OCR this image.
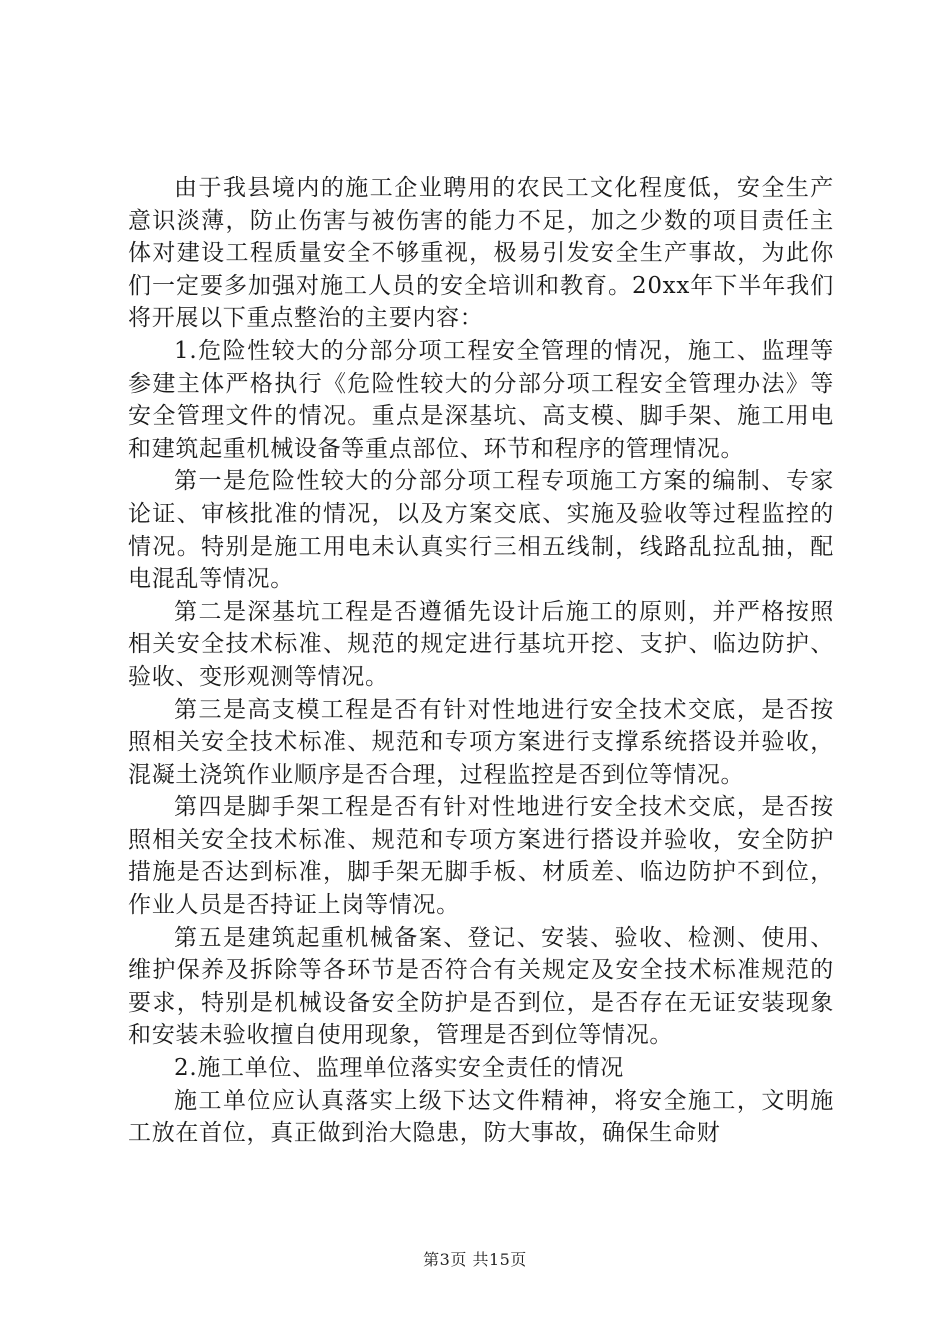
由于我县境内的施工企业聘用的农民工文化程度低，安全生产意识淡薄，防止伤害与被伤害的能力不足，加之少数的项目责任主体对建设工程质量安全不够重视，极易引发安全生产事故，为此你们一定要多加强对施工人员的安全培训和教育。20xx年下半年我们将开展以下重点整治的主要内容：

1.危险性较大的分部分项工程安全管理的情况，施工、监理等参建主体严格执行《危险性较大的分部分项工程安全管理办法》等安全管理文件的情况。重点是深基坑、高支模、脚手架、施工用电和建筑起重机械设备等重点部位、环节和程序的管理情况。

第一是危险性较大的分部分项工程专项施工方案的编制、专家论证、审核批准的情况，以及方案交底、实施及验收等过程监控的情况。特别是施工用电未认真实行三相五线制，线路乱拉乱抽，配电混乱等情况。

第二是深基坑工程是否遵循先设计后施工的原则，并严格按照相关安全技术标准、规范的规定进行基坑开挖、支护、临边防护、验收、变形观测等情况。

第三是高支模工程是否有针对性地进行安全技术交底，是否按照相关安全技术标准、规范和专项方案进行支撑系统搭设并验收，混凝土浇筑作业顺序是否合理，过程监控是否到位等情况。

第四是脚手架工程是否有针对性地进行安全技术交底，是否按照相关安全技术标准、规范和专项方案进行搭设并验收，安全防护措施是否达到标准，脚手架无脚手板、材质差、临边防护不到位，作业人员是否持证上岗等情况。

第五是建筑起重机械备案、登记、安装、验收、检测、使用、维护保养及拆除等各环节是否符合有关规定及安全技术标准规范的要求，特别是机械设备安全防护是否到位，是否存在无证安装现象和安装未验收擅自使用现象，管理是否到位等情况。

2.施工单位、监理单位落实安全责任的情况

施工单位应认真落实上级下达文件精神，将安全施工，文明施工放在首位，真正做到治大隐患，防大事故，确保生命财

第3页 共15页
